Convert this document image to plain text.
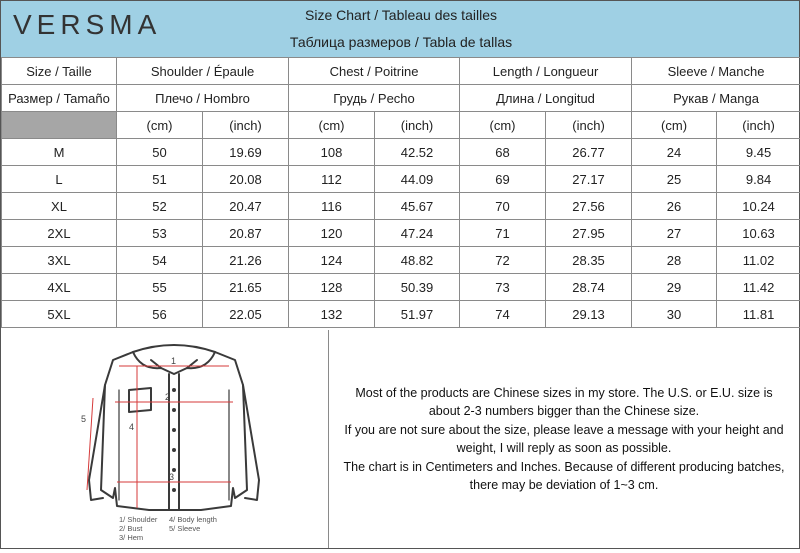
VERSMA	Size Chart / Tableau des tailles
Таблица размеров / Tabla de tallas
Size / Taille	Shoulder / Épaule		Chest / Poitrine		Length / Longueur		Sleeve / Manche	
Размер / Tamaño	Плечо / Hombro		Грудь / Pecho		Длина / Longitud		Рукав / Manga	
	(cm)	(inch)	(cm)	(inch)	(cm)	(inch)	(cm)	(inch)
M	50	19.69	108	42.52	68	26.77	24	9.45
L	51	20.08	112	44.09	69	27.17	25	9.84
XL	52	20.47	116	45.67	70	27.56	26	10.24
2XL	53	20.87	120	47.24	71	27.95	27	10.63
3XL	54	21.26	124	48.82	72	28.35	28	11.02
4XL	55	21.65	128	50.39	73	28.74	29	11.42
5XL	56	22.05	132	51.97	74	29.13	30	11.81
1
2
3
4
5
1/ Shoulder
2/ Bust
3/ Hem
4/ Body length
5/ Sleeve
Most of the products are Chinese sizes in my store. The U.S. or E.U. size is
about 2-3 numbers bigger than the Chinese size.
If you are not sure about the size, please leave a message with your height and
weight, I will reply as soon as possible.
The chart is in Centimeters and Inches. Because of different producing batches,
there may be deviation of 1~3 cm.
